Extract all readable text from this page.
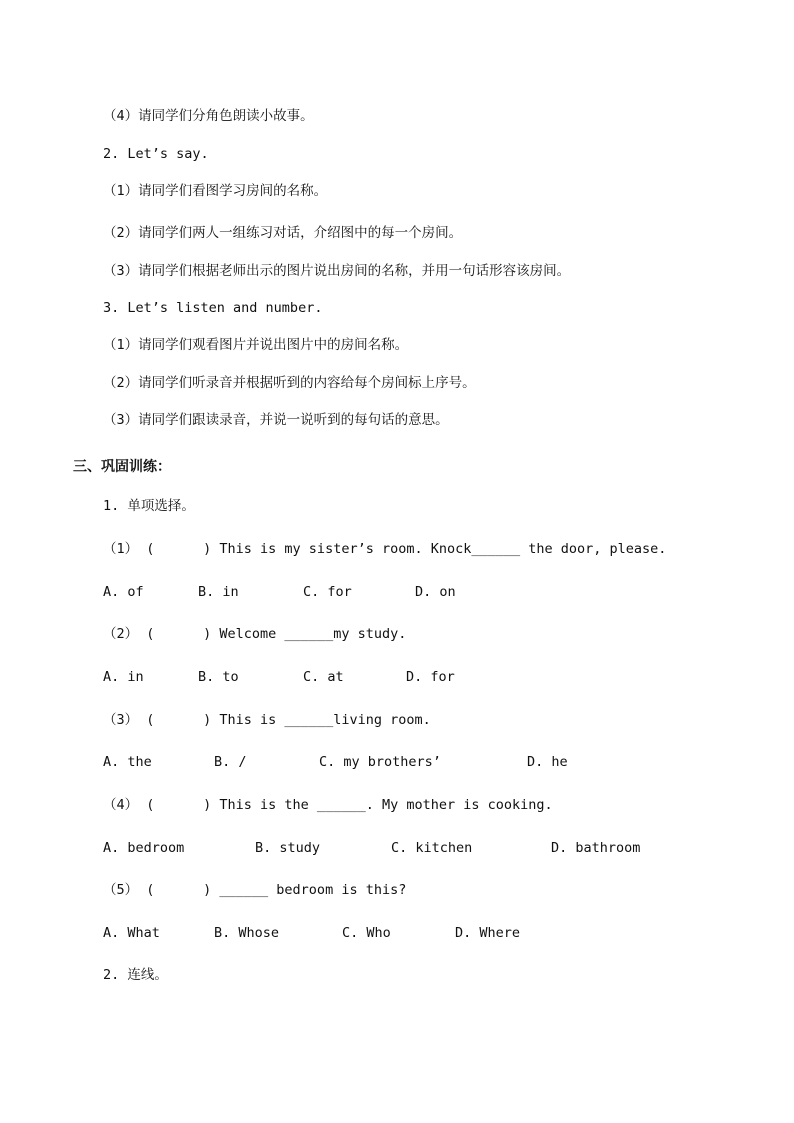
（4）请同学们分角色朗读小故事。
2. Let’s say.
（1）请同学们看图学习房间的名称。
（2）请同学们两人一组练习对话，介绍图中的每一个房间。
（3）请同学们根据老师出示的图片说出房间的名称，并用一句话形容该房间。
3. Let’s listen and number.
（1）请同学们观看图片并说出图片中的房间名称。
（2）请同学们听录音并根据听到的内容给每个房间标上序号。
（3）请同学们跟读录音，并说一说听到的每句话的意思。
三、巩固训练：
1. 单项选择。
（1） (      ) This is my sister’s room. Knock______ the door, please.
A. of	B. in	C. for	D. on
（2） (      ) Welcome ______my study.
A. in	B. to	C. at	D. for
（3） (      ) This is ______living room.
A. the	B. /	C. my brothers’	D. he
（4） (      ) This is the ______. My mother is cooking.
A. bedroom	B. study	C. kitchen	D. bathroom
（5） (      ) ______ bedroom is this?
A. What	B. Whose	C. Who	D. Where
2. 连线。
